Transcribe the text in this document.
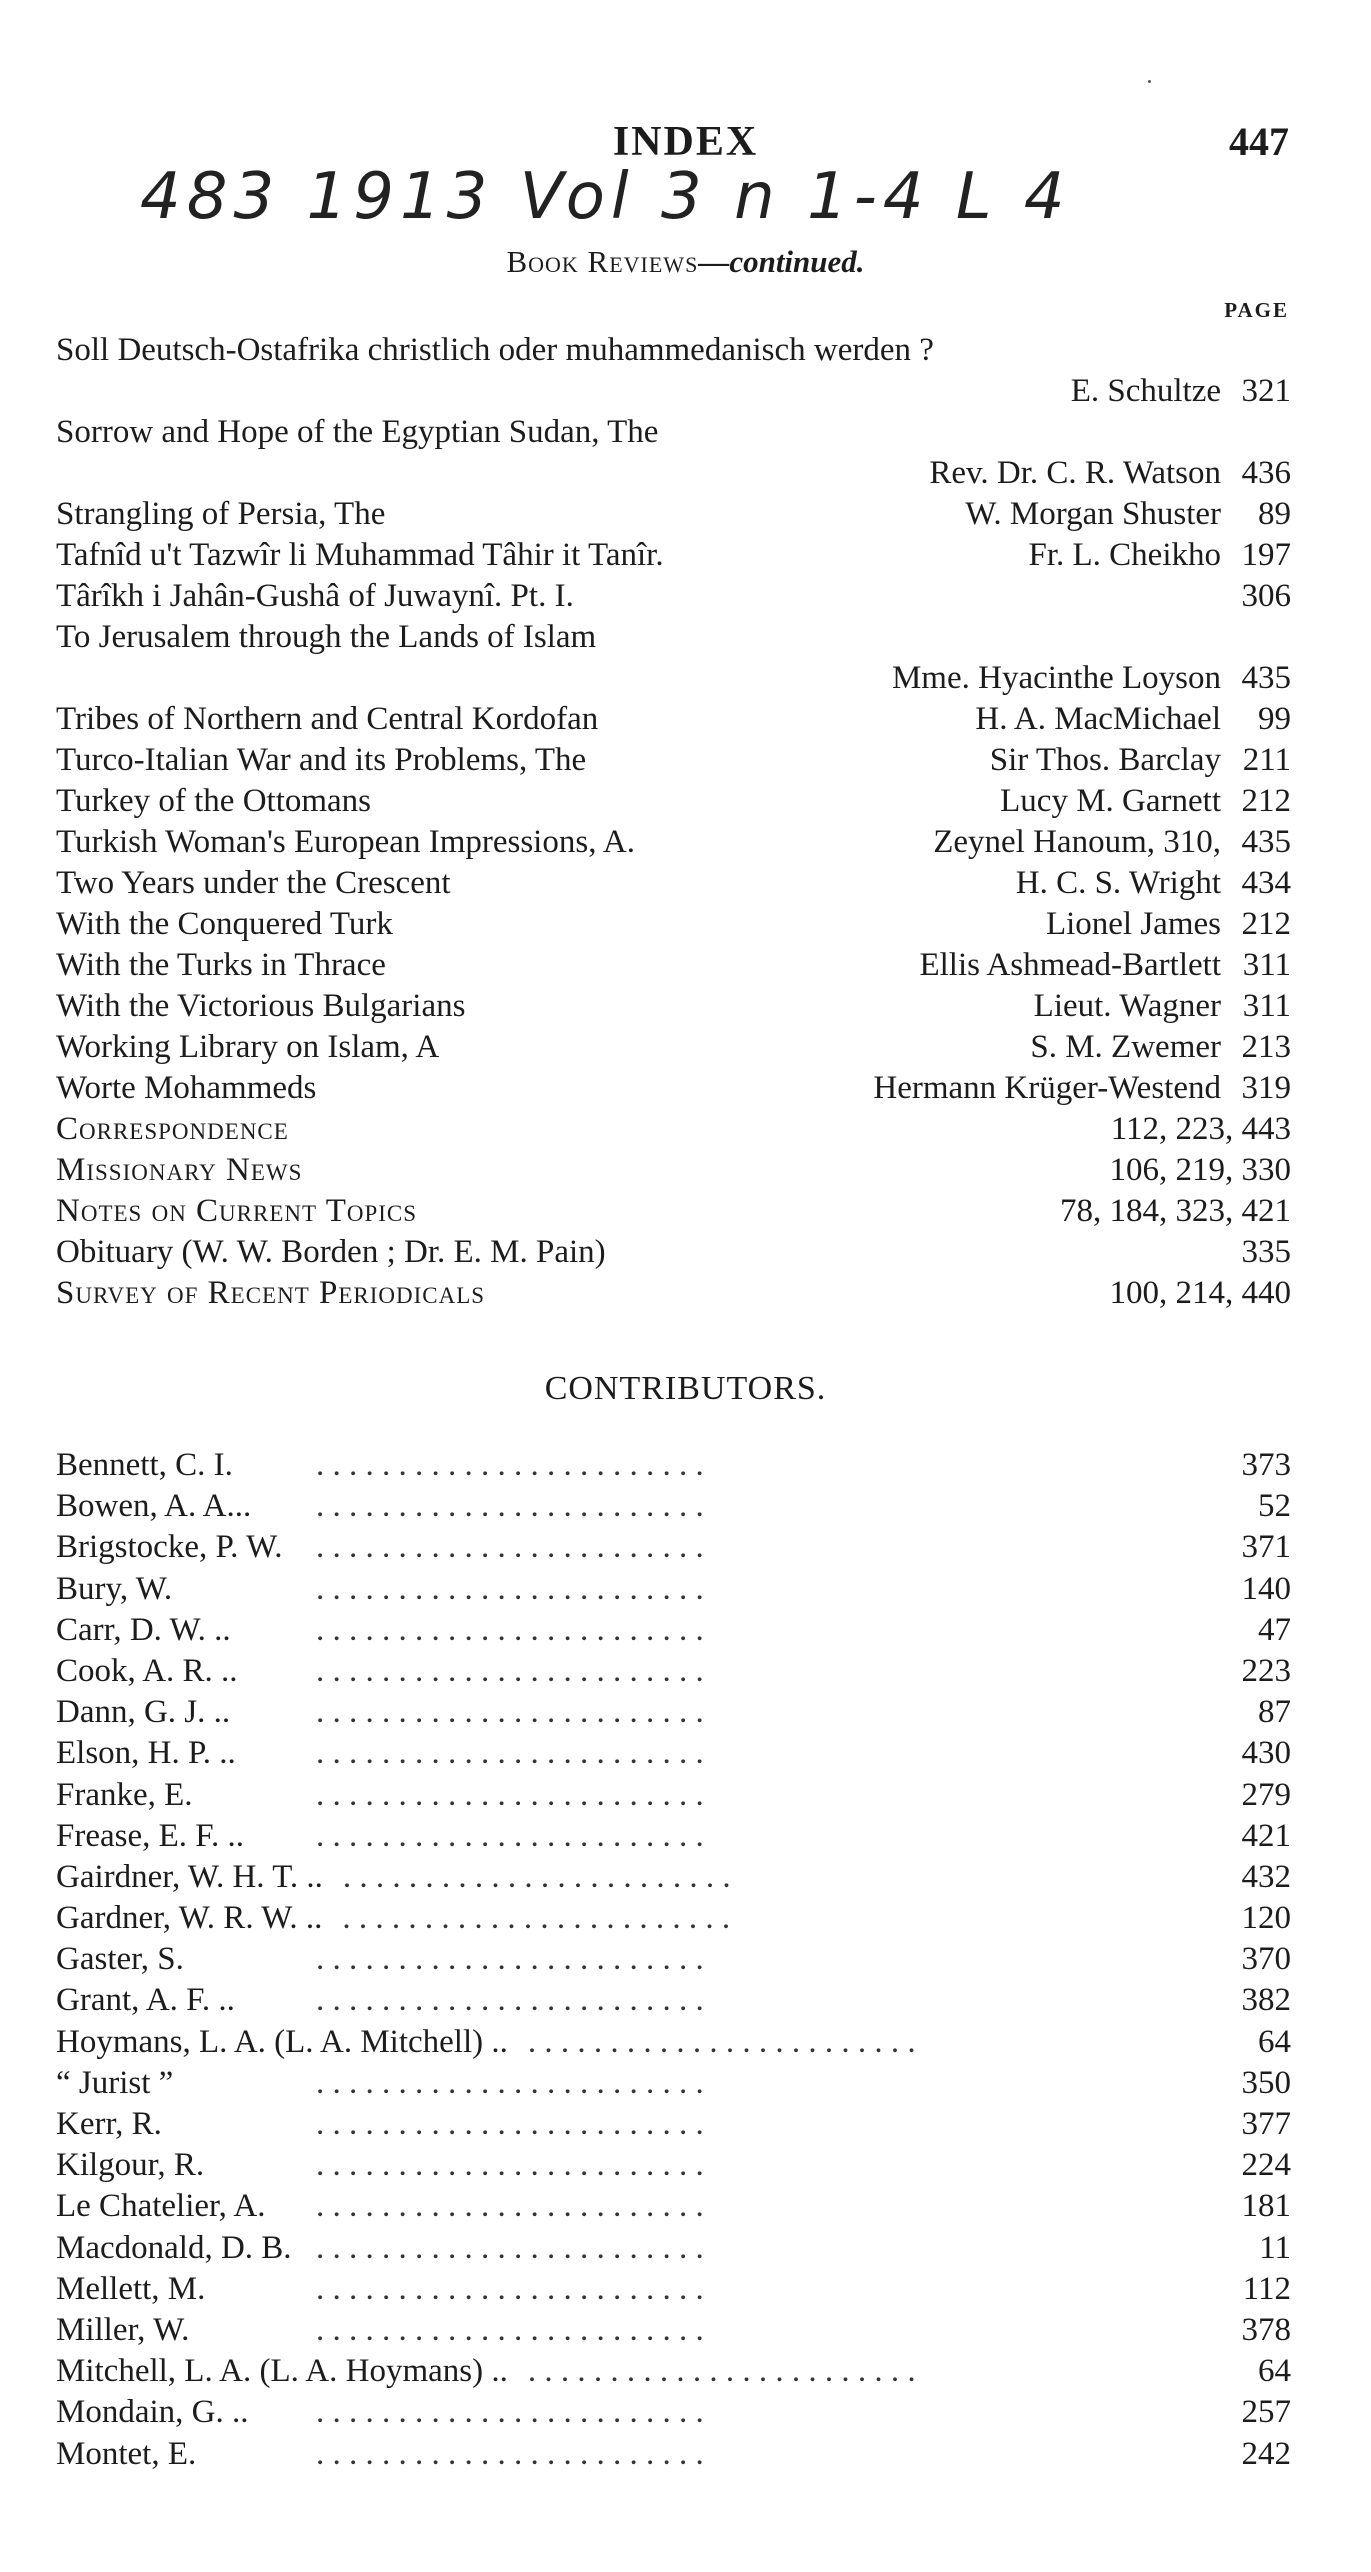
INDEX	447
483 1913 Vol 3 n 1-4 L 4
Book Reviews—continued.
PAGE
Soll Deutsch-Ostafrika christlich oder muhammedanisch werden ?
E. Schultze 321
Sorrow and Hope of the Egyptian Sudan, The
Rev. Dr. C. R. Watson 436
Strangling of Persia, The	W. Morgan Shuster 89
Tafnîd u't Tazwîr li Muhammad Tâhir it Tanîr.	Fr. L. Cheikho 197
Târîkh i Jahân-Gushâ of Juwaynî. Pt. I.	306
To Jerusalem through the Lands of Islam
Mme. Hyacinthe Loyson 435
Tribes of Northern and Central Kordofan	H. A. MacMichael 99
Turco-Italian War and its Problems, The	Sir Thos. Barclay 211
Turkey of the Ottomans	Lucy M. Garnett 212
Turkish Woman's European Impressions, A.	Zeynel Hanoum, 310, 435
Two Years under the Crescent	H. C. S. Wright 434
With the Conquered Turk	Lionel James 212
With the Turks in Thrace	Ellis Ashmead-Bartlett 311
With the Victorious Bulgarians	Lieut. Wagner 311
Working Library on Islam, A	S. M. Zwemer 213
Worte Mohammeds	Hermann Krüger-Westend 319
Correspondence	112, 223, 443
Missionary News	106, 219, 330
Notes on Current Topics	78, 184, 323, 421
Obituary (W. W. Borden ; Dr. E. M. Pain)	335
Survey of Recent Periodicals	100, 214, 440
CONTRIBUTORS.
Bennett, C. I.	. . . . . . . . . . . . . . . . . . . . . . . .	373
Bowen, A. A... . . . . . . . . . . . . . . . . . . . . . . . .	52
Brigstocke, P. W. . . . . . . . . . . . . . . . . . . . . . . . .	371
Bury, W.	. . . . . . . . . . . . . . . . . . . . . . . .	140
Carr, D. W. ..	. . . . . . . . . . . . . . . . . . . . . . . .	47
Cook, A. R. .. . . . . . . . . . . . . . . . . . . . . . . . .	223
Dann, G. J. ..	. . . . . . . . . . . . . . . . . . . . . . . .	87
Elson, H. P. .. . . . . . . . . . . . . . . . . . . . . . . . .	430
Franke, E.	. . . . . . . . . . . . . . . . . . . . . . . .	279
Frease, E. F. .. . . . . . . . . . . . . . . . . . . . . . . . .	421
Gairdner, W. H. T. .. . . . . . . . . . . . . . . . . . . . . . . . .	432
Gardner, W. R. W. .. . . . . . . . . . . . . . . . . . . . . . . . .	120
Gaster, S.	. . . . . . . . . . . . . . . . . . . . . . . .	370
Grant, A. F. .. . . . . . . . . . . . . . . . . . . . . . . . .	382
Hoymans, L. A. (L. A. Mitchell) .. . . . . . . . . . . . . . . . . . . . . . . . .	64
“ Jurist ”	. . . . . . . . . . . . . . . . . . . . . . . .	350
Kerr, R.	. . . . . . . . . . . . . . . . . . . . . . . .	377
Kilgour, R.	. . . . . . . . . . . . . . . . . . . . . . . .	224
Le Chatelier, A. . . . . . . . . . . . . . . . . . . . . . . . .	181
Macdonald, D. B. . . . . . . . . . . . . . . . . . . . . . . . .	11
Mellett, M.	. . . . . . . . . . . . . . . . . . . . . . . .	112
Miller, W.	. . . . . . . . . . . . . . . . . . . . . . . .	378
Mitchell, L. A. (L. A. Hoymans) .. . . . . . . . . . . . . . . . . . . . . . . . .	64
Mondain, G. .. . . . . . . . . . . . . . . . . . . . . . . . .	257
Montet, E.	. . . . . . . . . . . . . . . . . . . . . . . .	242
